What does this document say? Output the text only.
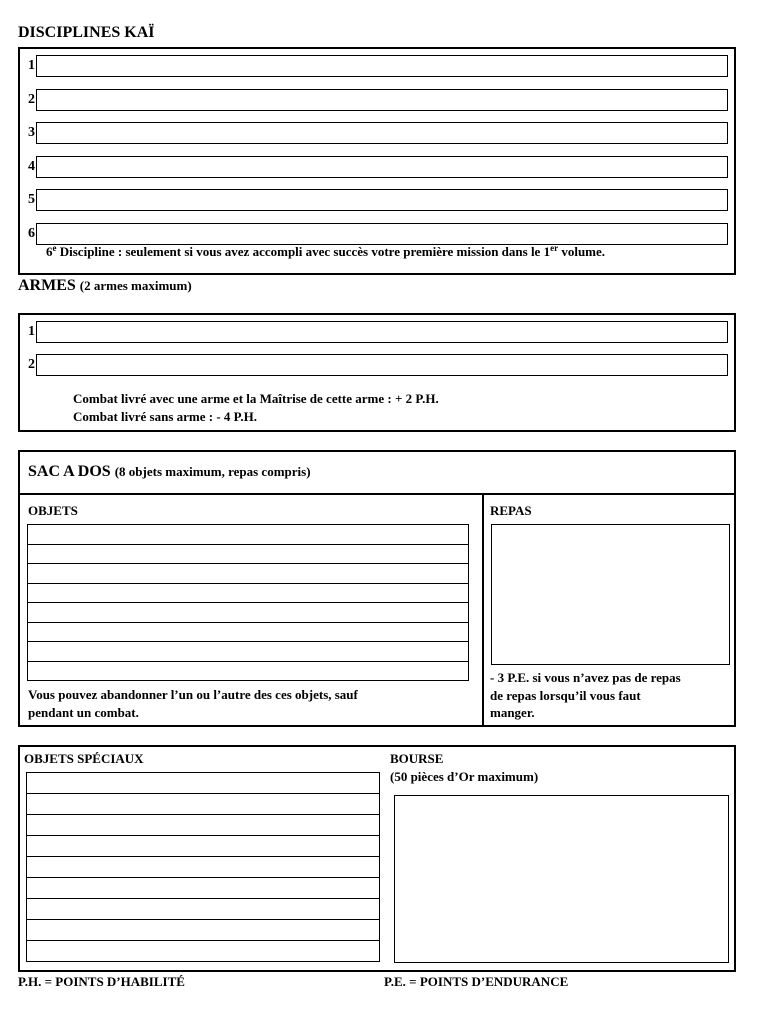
DISCIPLINES KAÏ
1
2
3
4
5
6
6e Discipline : seulement si vous avez accompli avec succès votre première mission dans le 1er volume.
ARMES (2 armes maximum)
1
2
Combat livré avec une arme et la Maîtrise de cette arme : + 2 P.H.
Combat livré sans arme : - 4 P.H.
SAC A DOS (8 objets maximum, repas compris)
OBJETS
Vous pouvez abandonner l’un ou l’autre des ces objets, sauf
pendant un combat.
REPAS
- 3 P.E. si vous n’avez pas de repas
de repas lorsqu’il vous faut
manger.
OBJETS SPÉCIAUX	BOURSE
(50 pièces d’Or maximum)
P.H. = POINTS D’HABILITÉ	P.E. = POINTS D’ENDURANCE
